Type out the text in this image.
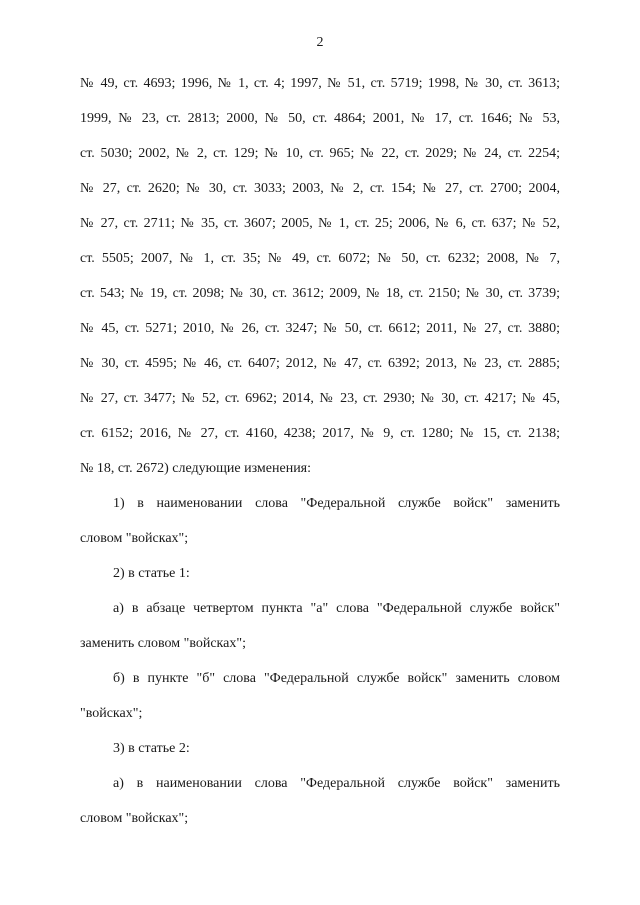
2
№ 49, ст. 4693; 1996, № 1, ст. 4; 1997, № 51, ст. 5719; 1998, № 30, ст. 3613;
1999, № 23, ст. 2813; 2000, № 50, ст. 4864; 2001, № 17, ст. 1646; № 53,
ст. 5030; 2002, № 2, ст. 129; № 10, ст. 965; № 22, ст. 2029; № 24, ст. 2254;
№ 27, ст. 2620; № 30, ст. 3033; 2003, № 2, ст. 154; № 27, ст. 2700; 2004,
№ 27, ст. 2711; № 35, ст. 3607; 2005, № 1, ст. 25; 2006, № 6, ст. 637; № 52,
ст. 5505; 2007, № 1, ст. 35; № 49, ст. 6072; № 50, ст. 6232; 2008, № 7,
ст. 543; № 19, ст. 2098; № 30, ст. 3612; 2009, № 18, ст. 2150; № 30, ст. 3739;
№ 45, ст. 5271; 2010, № 26, ст. 3247; № 50, ст. 6612; 2011, № 27, ст. 3880;
№ 30, ст. 4595; № 46, ст. 6407; 2012, № 47, ст. 6392; 2013, № 23, ст. 2885;
№ 27, ст. 3477; № 52, ст. 6962; 2014, № 23, ст. 2930; № 30, ст. 4217; № 45,
ст. 6152; 2016, № 27, ст. 4160, 4238; 2017, № 9, ст. 1280; № 15, ст. 2138;
№ 18, ст. 2672) следующие изменения:
1) в наименовании слова "Федеральной службе войск" заменить
словом "войсках";
2) в статье 1:
а) в абзаце четвертом пункта "а" слова "Федеральной службе войск"
заменить словом "войсках";
б) в пункте "б" слова "Федеральной службе войск" заменить словом
"войсках";
3) в статье 2:
а) в наименовании слова "Федеральной службе войск" заменить
словом "войсках";
